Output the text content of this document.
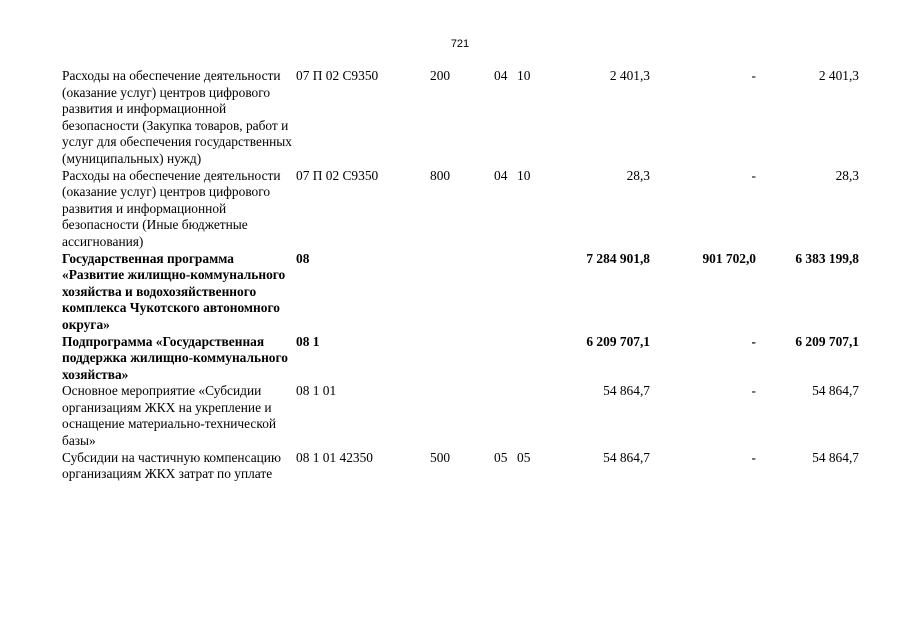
721
Расходы на обеспечение деятельности (оказание услуг) центров цифрового развития и информационной безопасности (Закупка товаров, работ и услуг для обеспечения государственных (муниципальных) нужд)	07 П 02 С9350	200	04	10	2 401,3	-	2 401,3
Расходы на обеспечение деятельности (оказание услуг) центров цифрового развития и информационной безопасности (Иные бюджетные ассигнования)	07 П 02 С9350	800	04	10	28,3	-	28,3
Государственная программа «Развитие жилищно-коммунального хозяйства и водохозяйственного комплекса Чукотского автономного округа»	08				7 284 901,8	901 702,0	6 383 199,8
Подпрограмма «Государственная поддержка жилищно-коммунального хозяйства»	08 1				6 209 707,1	-	6 209 707,1
Основное мероприятие «Субсидии организациям ЖКХ на укрепление и оснащение материально-технической базы»	08 1 01				54 864,7	-	54 864,7
Субсидии на частичную компенсацию организациям ЖКХ затрат по уплате	08 1 01 42350	500	05	05	54 864,7	-	54 864,7
